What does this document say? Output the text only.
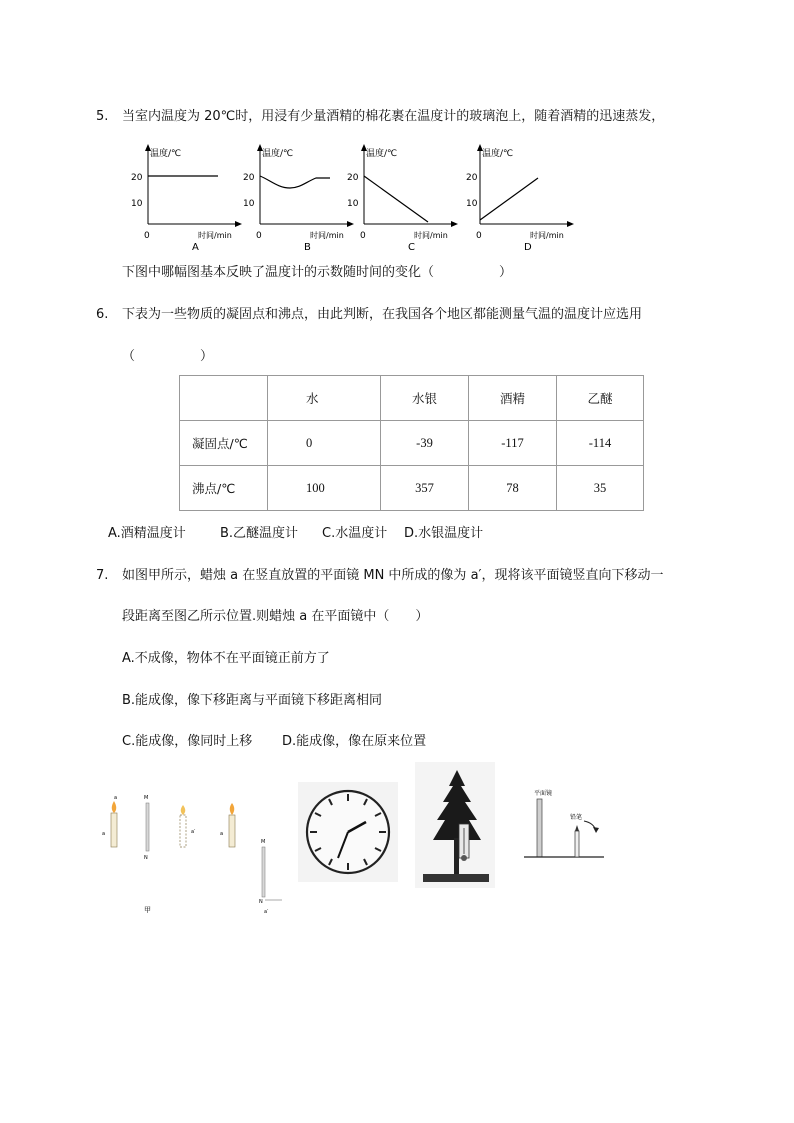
5. 当室内温度为 20℃时，用浸有少量酒精的棉花裹在温度计的玻璃泡上，随着酒精的迅速蒸发，
温度/℃
20
10
0	时间/min
A
温度/℃
20
10
0	时间/min
B
温度/℃
20
10
0	时间/min
C
温度/℃
20
10
0	时间/min
D
下图中哪幅图基本反映了温度计的示数随时间的变化（　　　　　）
6. 下表为一些物质的凝固点和沸点，由此判断，在我国各个地区都能测量气温的温度计应选用
（　　　　　）
	水	水银	酒精	乙醚
凝固点/℃	0	-39	-117	-114
沸点/℃	100	357	78	35
A.酒精温度计	B.乙醚温度计 C.水温度计 D.水银温度计
7. 如图甲所示，蜡烛 a 在竖直放置的平面镜 MN 中所成的像为 a′，现将该平面镜竖直向下移动一
段距离至图乙所示位置.则蜡烛 a 在平面镜中（　　）
A.不成像，物体不在平面镜正前方了
B.能成像，像下移距离与平面镜下移距离相同
C.能成像，像同时上移 D.能成像，像在原来位置
a
a
M
N
a′	a
M
N
a′
甲
平面镜
铅笔
